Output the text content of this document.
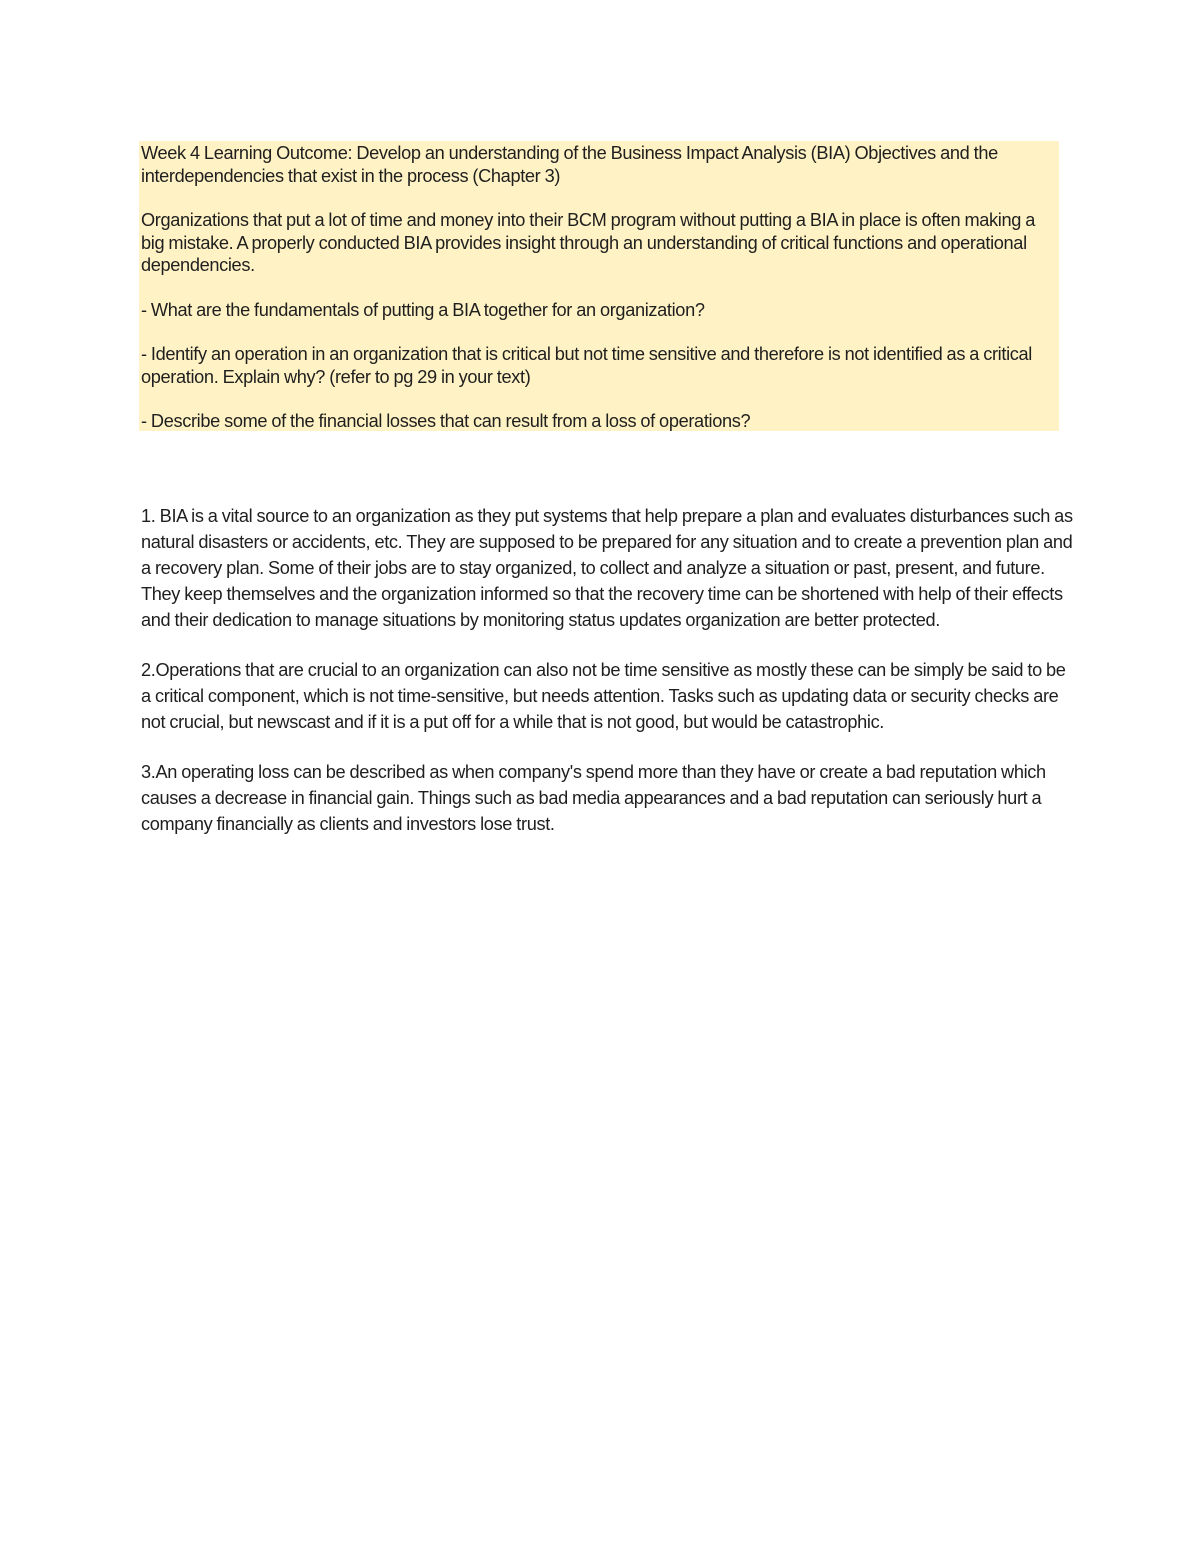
Week 4 Learning Outcome: Develop an understanding of the Business Impact Analysis (BIA) Objectives and the interdependencies that exist in the process (Chapter 3)

Organizations that put a lot of time and money into their BCM program without putting a BIA in place is often making a big mistake. A properly conducted BIA provides insight through an understanding of critical functions and operational dependencies.

- What are the fundamentals of putting a BIA together for an organization?

- Identify an operation in an organization that is critical but not time sensitive and therefore is not identified as a critical operation. Explain why? (refer to pg 29 in your text)

- Describe some of the financial losses that can result from a loss of operations?

1. BIA is a vital source to an organization as they put systems that help prepare a plan and evaluates disturbances such as natural disasters or accidents, etc. They are supposed to be prepared for any situation and to create a prevention plan and a recovery plan. Some of their jobs are to stay organized, to collect and analyze a situation or past, present, and future. They keep themselves and the organization informed so that the recovery time can be shortened with help of their effects and their dedication to manage situations by monitoring status updates organization are better protected.

2.Operations that are crucial to an organization can also not be time sensitive as mostly these can be simply be said to be a critical component, which is not time-sensitive, but needs attention. Tasks such as updating data or security checks are not crucial, but newscast and if it is a put off for a while that is not good, but would be catastrophic.

3.An operating loss can be described as when company's spend more than they have or create a bad reputation which causes a decrease in financial gain. Things such as bad media appearances and a bad reputation can seriously hurt a company financially as clients and investors lose trust.
